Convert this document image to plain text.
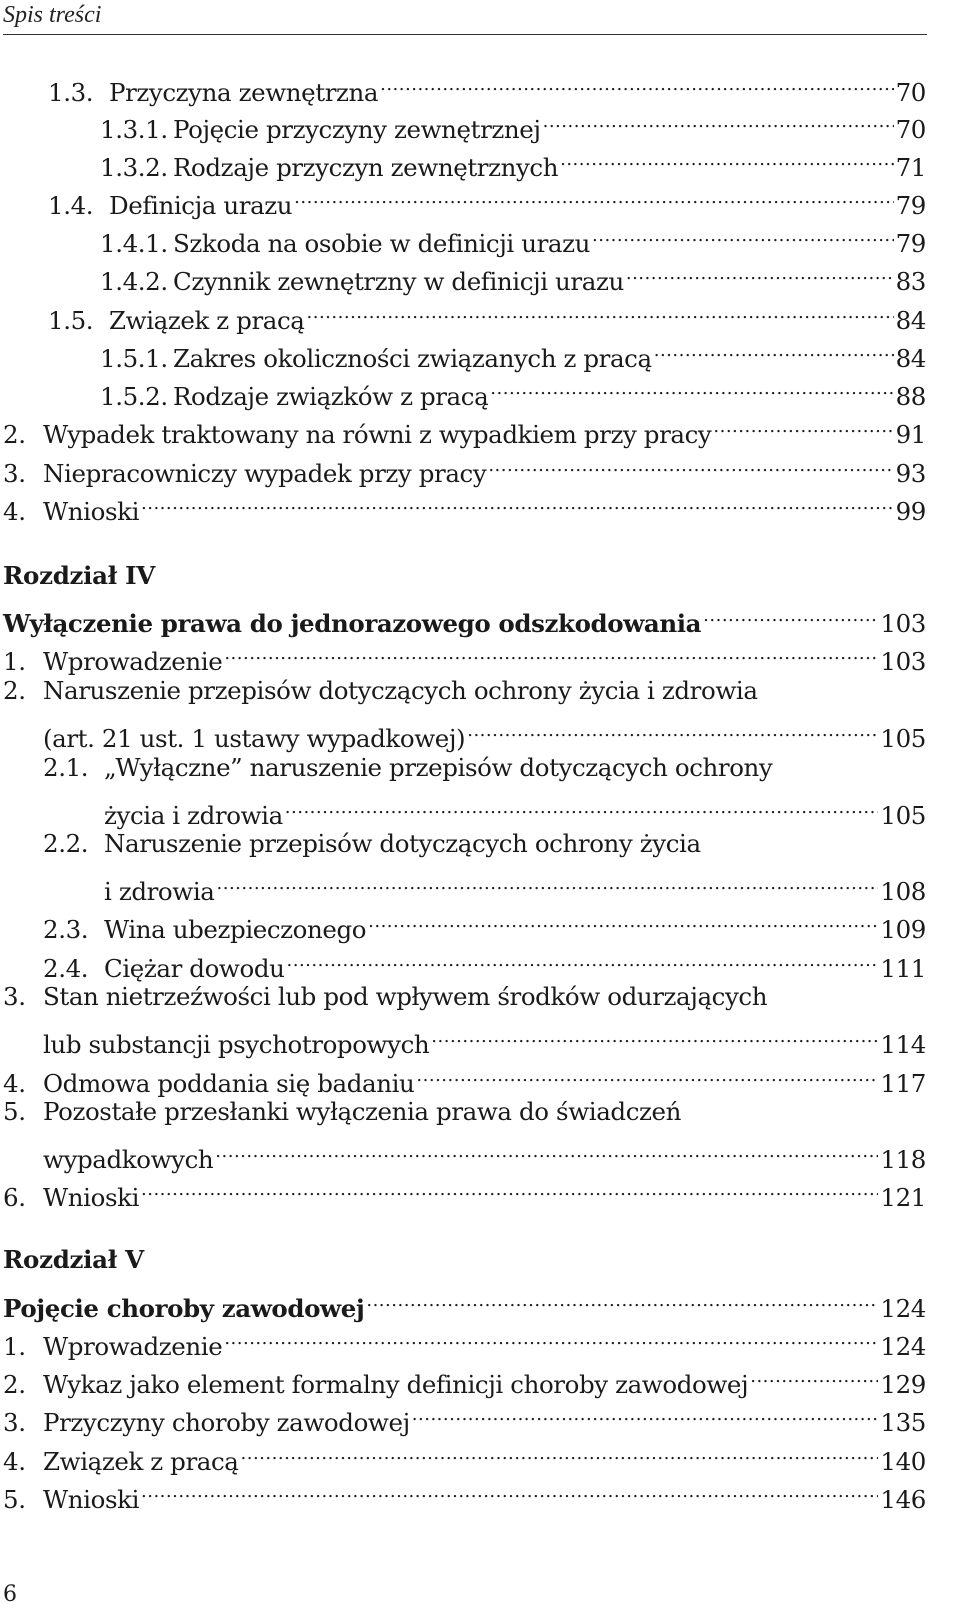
Spis treści
1.3. Przyczyna zewnętrzna .....	70
1.3.1. Pojęcie przyczyny zewnętrznej .....	70
1.3.2. Rodzaje przyczyn zewnętrznych .....	71
1.4. Definicja urazu .....	79
1.4.1. Szkoda na osobie w definicji urazu .....	79
1.4.2. Czynnik zewnętrzny w definicji urazu .....	83
1.5. Związek z pracą .....	84
1.5.1. Zakres okoliczności związanych z pracą .....	84
1.5.2. Rodzaje związków z pracą .....	88
2. Wypadek traktowany na równi z wypadkiem przy pracy .....	91
3. Niepracowniczy wypadek przy pracy .....	93
4. Wnioski .....	99
Rozdział IV
Wyłączenie prawa do jednorazowego odszkodowania .....	103
1. Wprowadzenie .....	103
2. Naruszenie przepisów dotyczących ochrony życia i zdrowia
(art. 21 ust. 1 ustawy wypadkowej) .....	105
2.1. „Wyłączne” naruszenie przepisów dotyczących ochrony
życia i zdrowia .....	105
2.2. Naruszenie przepisów dotyczących ochrony życia
i zdrowia .....	108
2.3. Wina ubezpieczonego .....	109
2.4. Ciężar dowodu .....	111
3. Stan nietrzeźwości lub pod wpływem środków odurzających
lub substancji psychotropowych .....	114
4. Odmowa poddania się badaniu .....	117
5. Pozostałe przesłanki wyłączenia prawa do świadczeń
wypadkowych .....	118
6. Wnioski .....	121
Rozdział V
Pojęcie choroby zawodowej .....	124
1. Wprowadzenie .....	124
2. Wykaz jako element formalny definicji choroby zawodowej .....	129
3. Przyczyny choroby zawodowej .....	135
4. Związek z pracą .....	140
5. Wnioski .....	146
6
